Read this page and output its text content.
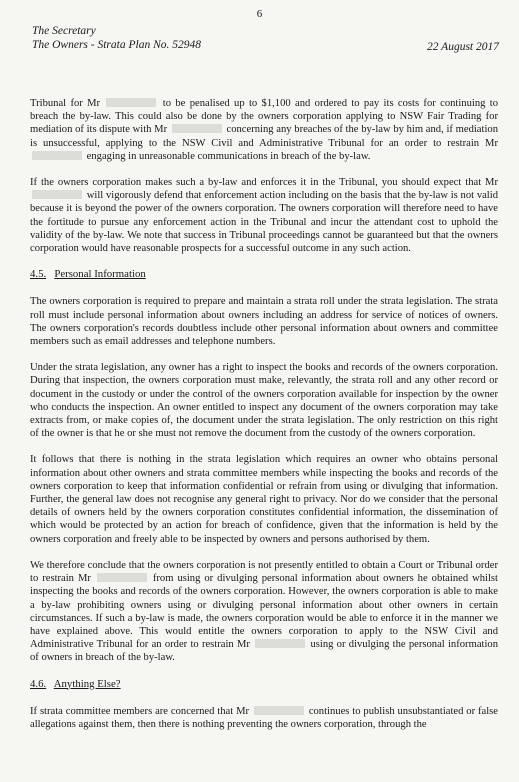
6
The Secretary
The Owners - Strata Plan No. 52948	22 August 2017

Tribunal for Mr	to be penalised up to $1,100 and ordered to pay its costs for continuing to breach the by-law. This could also be done by the owners corporation applying to NSW Fair Trading for mediation of its dispute with Mr	concerning any breaches of the by-law by him and, if mediation is unsuccessful, applying to the NSW Civil and Administrative Tribunal for an order to restrain Mr  engaging in unreasonable communications in breach of the by-law.

If the owners corporation makes such a by-law and enforces it in the Tribunal, you should expect that Mr  will vigorously defend that enforcement action including on the basis that the by-law is not valid because it is beyond the power of the owners corporation. The owners corporation will therefore need to have the fortitude to pursue any enforcement action in the Tribunal and incur the attendant cost to uphold the validity of the by-law. We note that success in Tribunal proceedings cannot be guaranteed but that the owners corporation would have reasonable prospects for a successful outcome in any such action.

4.5. Personal Information

The owners corporation is required to prepare and maintain a strata roll under the strata legislation. The strata roll must include personal information about owners including an address for service of notices of owners. The owners corporation's records doubtless include other personal information about owners and committee members such as email addresses and telephone numbers.

Under the strata legislation, any owner has a right to inspect the books and records of the owners corporation. During that inspection, the owners corporation must make, relevantly, the strata roll and any other record or document in the custody or under the control of the owners corporation available for inspection by the owner who conducts the inspection. An owner entitled to inspect any document of the owners corporation may take extracts from, or make copies of, the document under the strata legislation. The only restriction on this right of the owner is that he or she must not remove the document from the custody of the owners corporation.

It follows that there is nothing in the strata legislation which requires an owner who obtains personal information about other owners and strata committee members while inspecting the books and records of the owners corporation to keep that information confidential or refrain from using or divulging that information. Further, the general law does not recognise any general right to privacy. Nor do we consider that the personal details of owners held by the owners corporation constitutes confidential information, the dissemination of which would be protected by an action for breach of confidence, given that the information is held by the owners corporation and freely able to be inspected by owners and persons authorised by them.

We therefore conclude that the owners corporation is not presently entitled to obtain a Court or Tribunal order to restrain Mr	from using or divulging personal information about owners he obtained whilst inspecting the books and records of the owners corporation. However, the owners corporation is able to make a by-law prohibiting owners using or divulging personal information about other owners in certain circumstances. If such a by-law is made, the owners corporation would be able to enforce it in the manner we have explained above. This would entitle the owners corporation to apply to the NSW Civil and Administrative Tribunal for an order to restrain Mr	using or divulging the personal information of owners in breach of the by-law.

4.6. Anything Else?

If strata committee members are concerned that Mr	continues to publish unsubstantiated or false allegations against them, then there is nothing preventing the owners corporation, through the
